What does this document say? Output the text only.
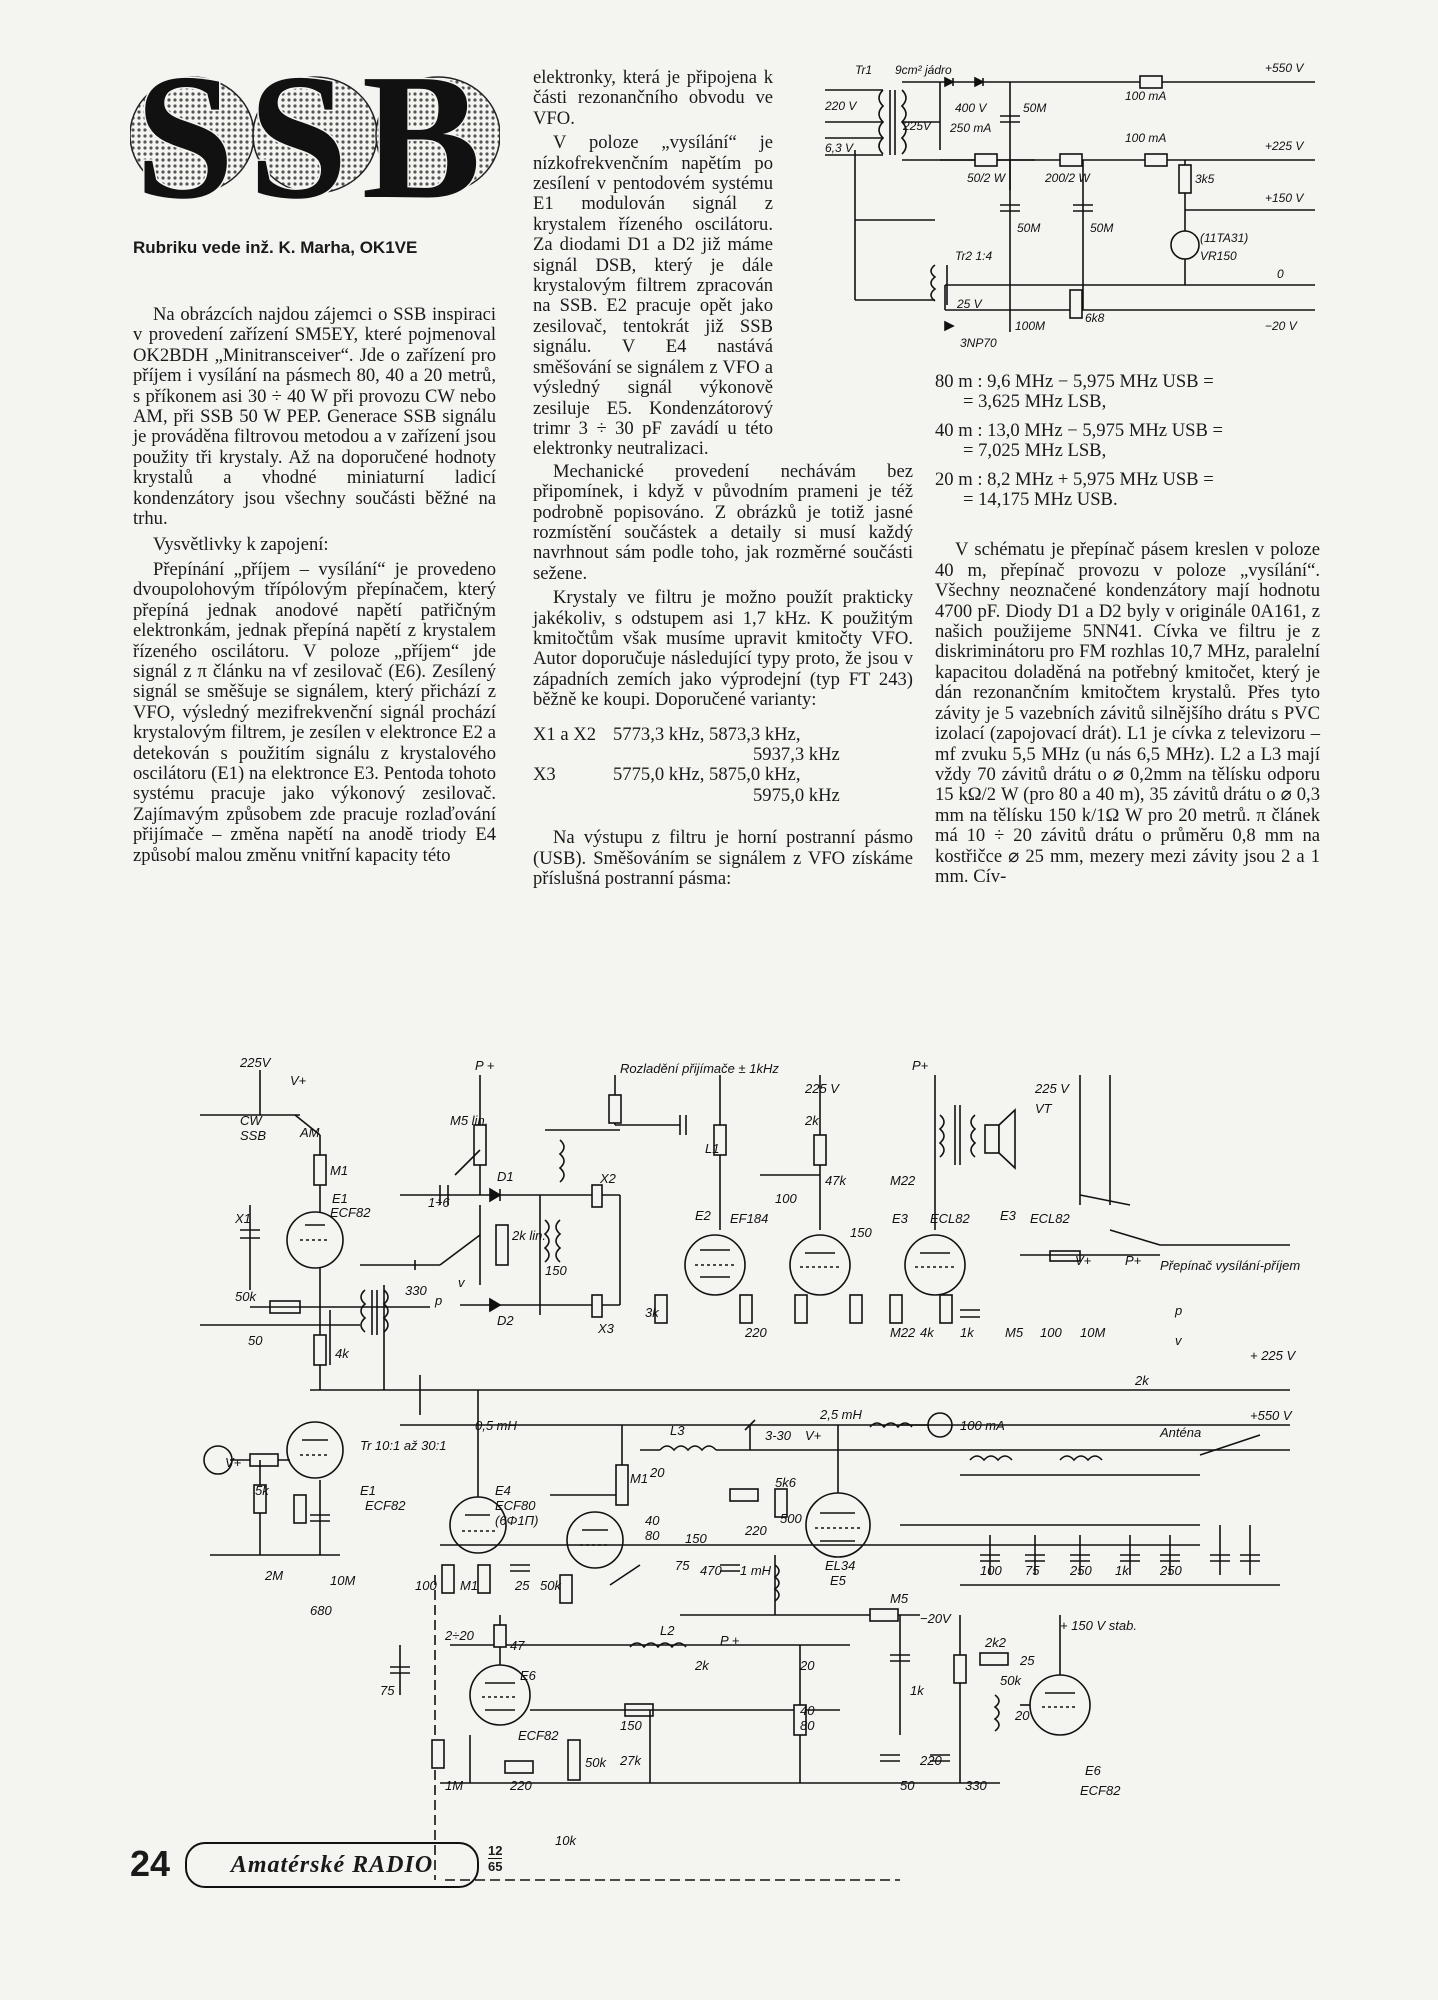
SSB
Rubriku vede inž. K. Marha, OK1VE

Na obrázcích najdou zájemci o SSB inspiraci v provedení zařízení SM5EY, které pojmenoval OK2BDH „Minitransceiver“. Jde o zařízení pro příjem i vysílání na pásmech 80, 40 a 20 metrů, s příkonem asi 30 ÷ 40 W při provozu CW nebo AM, při SSB 50 W PEP. Generace SSB signálu je prováděna filtrovou metodou a v zařízení jsou použity tři krystaly. Až na doporučené hodnoty krystalů a vhodné miniaturní ladicí kondenzátory jsou všechny součásti běžné na trhu.

Vysvětlivky k zapojení:

Přepínání „příjem – vysílání“ je provedeno dvoupolohovým třípólovým přepínačem, který přepíná jednak anodové napětí patřičným elektronkám, jednak přepíná napětí z krystalem řízeného oscilátoru. V poloze „příjem“ jde signál z π článku na vf zesilovač (E6). Zesílený signál se směšuje se signálem, který přichází z VFO, výsledný mezifrekvenční signál prochází krystalovým filtrem, je zesílen v elektronce E2 a detekován s použitím signálu z krystalového oscilátoru (E1) na elektronce E3. Pentoda tohoto systému pracuje jako výkonový zesilovač. Zajímavým způsobem zde pracuje rozlaďování přijímače – změna napětí na anodě triody E4 způsobí malou změnu vnitřní kapacity této

elektronky, která je připojena k části rezonančního obvodu ve VFO.

V poloze „vysílání“ je nízkofrekvenčním napětím po zesílení v pentodovém systému E1 modulován signál z krystalem řízeného oscilátoru. Za diodami D1 a D2 již máme signál DSB, který je dále krystalovým filtrem zpracován na SSB. E2 pracuje opět jako zesilovač, tentokrát již SSB signálu. V E4 nastává směšování se signálem z VFO a výsledný signál výkonově zesiluje E5. Kondenzátorový trimr 3 ÷ 30 pF zavádí u této elektronky neutralizaci.

Mechanické provedení nechávám bez připomínek, i když v původním prameni je též podrobně popisováno. Z obrázků je totiž jasné rozmístění součástek a detaily si musí každý navrhnout sám podle toho, jak rozměrné součásti sežene.

Krystaly ve filtru je možno použít prakticky jakékoliv, s odstupem asi 1,7 kHz. K použitým kmitočtům však musíme upravit kmitočty VFO. Autor doporučuje následující typy proto, že jsou v západních zemích jako výprodejní (typ FT 243) běžně ke koupi. Doporučené varianty:

X1 a X2 5773,3 kHz, 5873,3 kHz,
5937,3 kHz
X3	5775,0 kHz, 5875,0 kHz,
5975,0 kHz

Na výstupu z filtru je horní postranní pásmo (USB). Směšováním se signálem z VFO získáme příslušná postranní pásma:

Tr1 9cm² jádro
220 V
6,3 V
225V
400 V
250 mA
50M
100 mA
100 mA
50/2 W	200/2 W	3k5
+550 V
+225 V
+150 V
(11TA31)
VR150
0
Tr2 1:4
25 V
100M
6k8
3NP70
−20 V
50M	50M
80 m : 9,6 MHz − 5,975 MHz USB =
= 3,625 MHz LSB,
40 m : 13,0 MHz − 5,975 MHz USB =
= 7,025 MHz LSB,
20 m : 8,2 MHz + 5,975 MHz USB =
= 14,175 MHz USB.

V schématu je přepínač pásem kreslen v poloze 40 m, přepínač provozu v poloze „vysílání“. Všechny neoznačené kondenzátory mají hodnotu 4700 pF. Diody D1 a D2 byly v originále 0A161, z našich použijeme 5NN41. Cívka ve filtru je z diskriminátoru pro FM rozhlas 10,7 MHz, paralelní kapacitou doladěná na potřebný kmitočet, který je dán rezonančním kmitočtem krystalů. Přes tyto závity je 5 vazebních závitů silnějšího drátu s PVC izolací (zapojovací drát). L1 je cívka z televizoru – mf zvuku 5,5 MHz (u nás 6,5 MHz). L2 a L3 mají vždy 70 závitů drátu o ⌀ 0,2mm na tělísku odporu 15 kΩ/2 W (pro 80 a 40 m), 35 závitů drátu o ⌀ 0,3 mm na tělísku 150 k/1Ω W pro 20 metrů. π článek má 10 ÷ 20 závitů drátu o průměru 0,8 mm na kostřičce ⌀ 25 mm, mezery mezi závity jsou 2 a 1 mm. Cív-

225V
V+
CW
SSB	AM
M1
E1
ECF82
X1
50k
50
330
4k
p
v
1÷6
D1
D2
2k lin.
150
X2
X3
P +
M5 lin.
Rozladění přijímače ± 1kHz
L1
100
47k
E2 EF184
3k
220
225 V
2k
P+
M22
E3 ECL82
150
M22 4k 1k M5 100
E3 ECL82
VT
10M
225 V
V+	P+ Přepínač vysílání-příjem
p
v
2k
+ 225 V
+550 V
0,5 mH
Tr 10:1 až 30:1
V+
5k	E1
ECF82
2M	10M
680
E4
ECF80
(6Φ1Π)
100 M1	25 50k
3-30 V+
L3
2,5 mH
100 mA	Anténa
M1 20
40
80 150
75 470 1 mH
220
5k6
500
EL34
E5
100 75 250 1k 250
M5
−20V	+ 150 V stab.
25
2k2
2÷20	L2
47
E6
ECF82
2k
P +
75
150
27k
1M	220
50k
10k
1k
20
40
80
220
50	330
50k
20
E6
ECF82
24	Amatérské RADIO
12
65
